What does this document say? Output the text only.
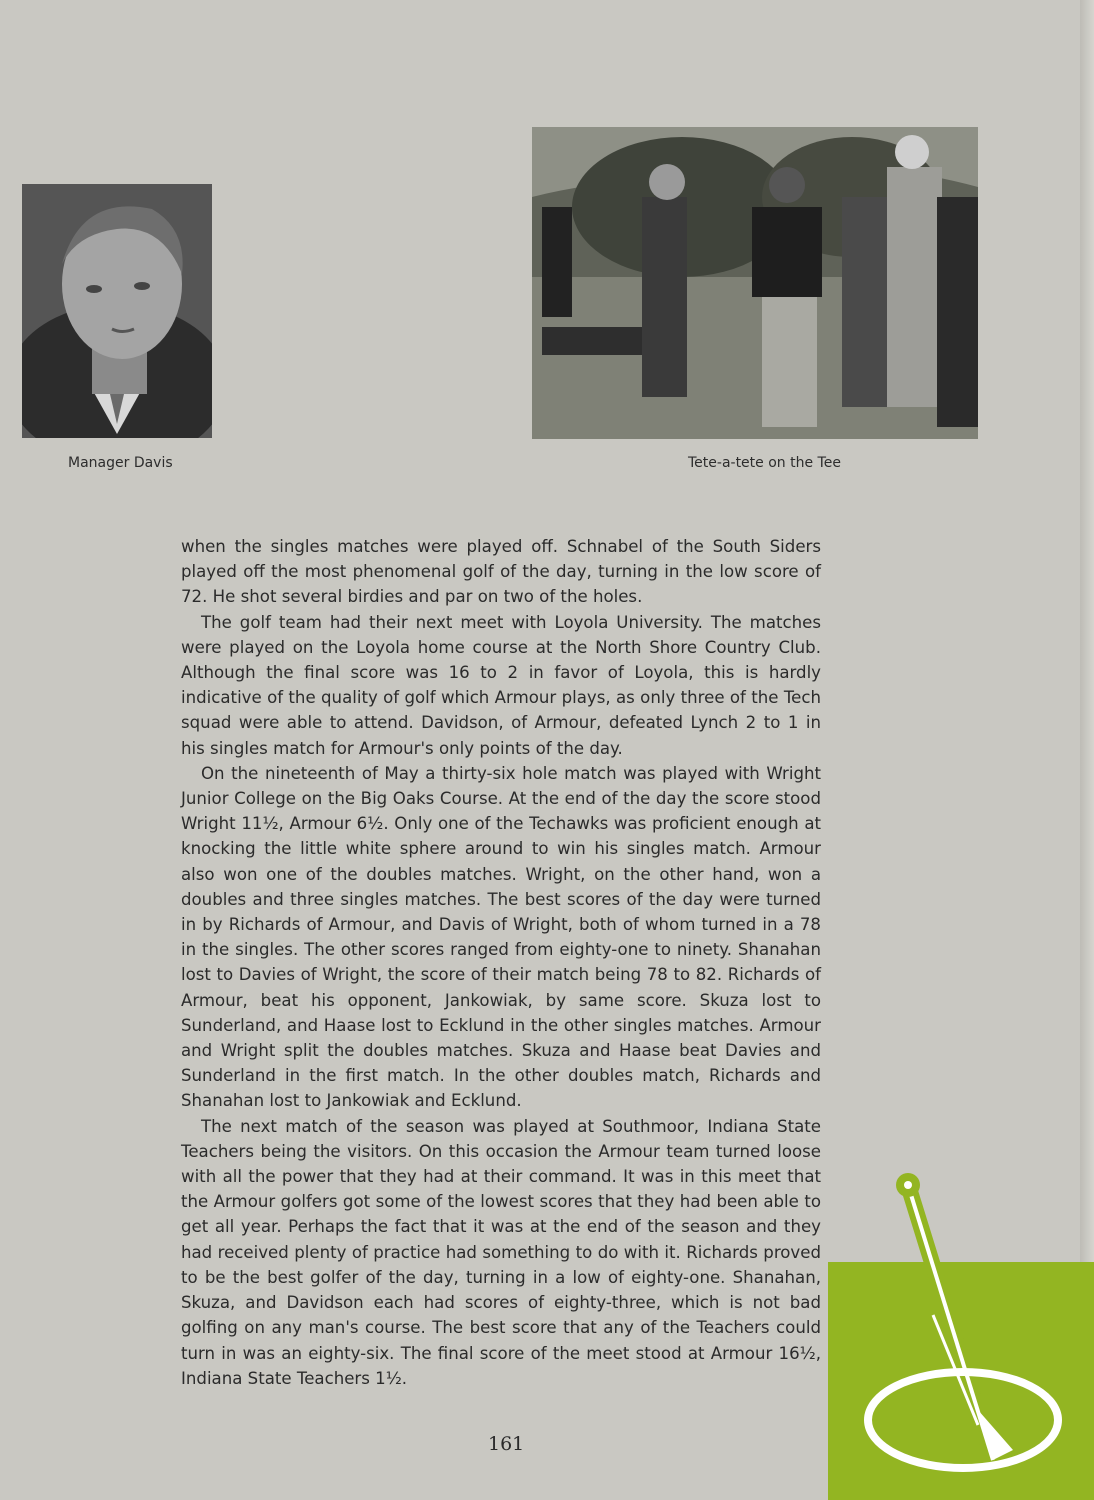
Manager Davis	Tete-a-tete on the Tee

when the singles matches were played off. Schnabel of the South Siders played off the most phenomenal golf of the day, turning in the low score of 72. He shot several birdies and par on two of the holes.

The golf team had their next meet with Loyola University. The matches were played on the Loyola home course at the North Shore Country Club. Although the final score was 16 to 2 in favor of Loyola, this is hardly indicative of the quality of golf which Armour plays, as only three of the Tech squad were able to attend. Davidson, of Armour, defeated Lynch 2 to 1 in his singles match for Armour's only points of the day.

On the nineteenth of May a thirty-six hole match was played with Wright Junior College on the Big Oaks Course. At the end of the day the score stood Wright 11½, Armour 6½. Only one of the Techawks was proficient enough at knocking the little white sphere around to win his singles match. Armour also won one of the doubles matches. Wright, on the other hand, won a doubles and three singles matches. The best scores of the day were turned in by Richards of Armour, and Davis of Wright, both of whom turned in a 78 in the singles. The other scores ranged from eighty-one to ninety. Shanahan lost to Davies of Wright, the score of their match being 78 to 82. Richards of Armour, beat his opponent, Jankowiak, by same score. Skuza lost to Sunderland, and Haase lost to Ecklund in the other singles matches. Armour and Wright split the doubles matches. Skuza and Haase beat Davies and Sunderland in the first match. In the other doubles match, Richards and Shanahan lost to Jankowiak and Ecklund.

The next match of the season was played at Southmoor, Indiana State Teachers being the visitors. On this occasion the Armour team turned loose with all the power that they had at their command. It was in this meet that the Armour golfers got some of the lowest scores that they had been able to get all year. Perhaps the fact that it was at the end of the season and they had received plenty of practice had something to do with it. Richards proved to be the best golfer of the day, turning in a low of eighty-one. Shanahan, Skuza, and Davidson each had scores of eighty-three, which is not bad golfing on any man's course. The best score that any of the Teachers could turn in was an eighty-six. The final score of the meet stood at Armour 16½, Indiana State Teachers 1½.

161
